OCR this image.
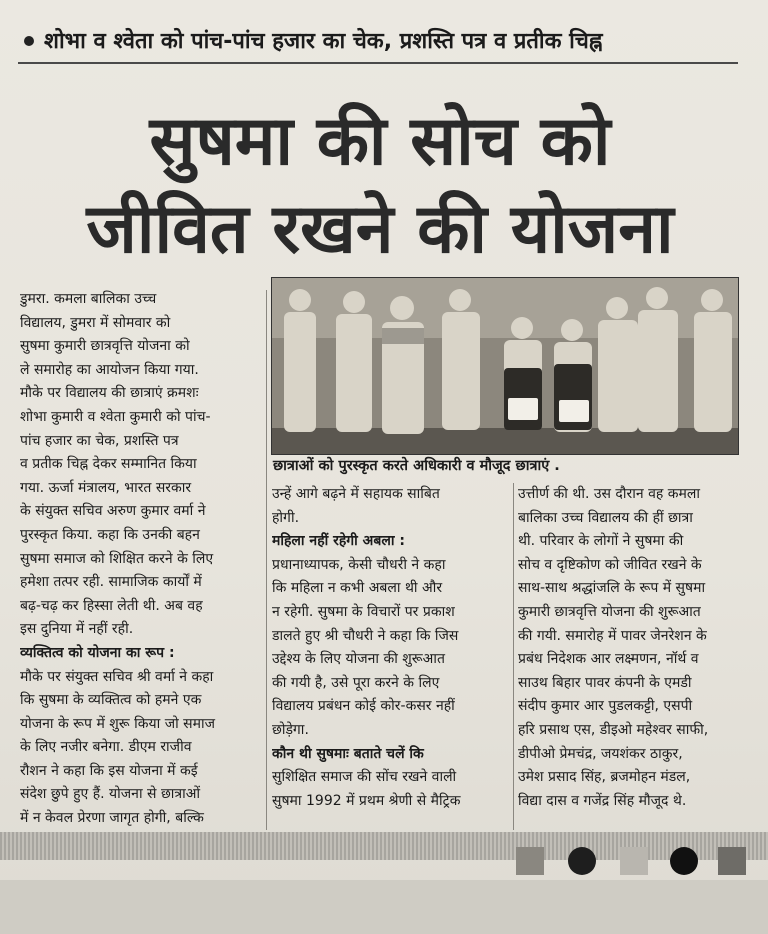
शोभा व श्वेता को पांच-पांच हजार का चेक, प्रशस्ति पत्र व प्रतीक चिह्न
सुषमा की सोच को
जीवित रखने की योजना
छात्राओं को पुरस्कृत करते अधिकारी व मौजूद छात्राएं .
डुमरा. कमला बालिका उच्च
विद्यालय, डुमरा में सोमवार को
सुषमा कुमारी छात्रवृत्ति योजना को
ले समारोह का आयोजन किया गया.
मौके पर विद्यालय की छात्राएं क्रमशः
शोभा कुमारी व श्वेता कुमारी को पांच-
पांच हजार का चेक, प्रशस्ति पत्र
व प्रतीक चिह्न देकर सम्मानित किया
गया. ऊर्जा मंत्रालय, भारत सरकार
के संयुक्त सचिव अरुण कुमार वर्मा ने
पुरस्कृत किया. कहा कि उनकी बहन
सुषमा समाज को शिक्षित करने के लिए
हमेशा तत्पर रही. सामाजिक कार्यों में
बढ़-चढ़ कर हिस्सा लेती थी. अब वह
इस दुनिया में नहीं रही.
व्यक्तित्व को योजना का रूप :
मौके पर संयुक्त सचिव श्री वर्मा ने कहा
कि सुषमा के व्यक्तित्व को हमने एक
योजना के रूप में शुरू किया जो समाज
के लिए नजीर बनेगा. डीएम राजीव
रौशन ने कहा कि इस योजना में कई
संदेश छुपे हुए हैं. योजना से छात्राओं
में न केवल प्रेरणा जागृत होगी, बल्कि
उन्हें आगे बढ़ने में सहायक साबित
होगी.
महिला नहीं रहेगी अबला :
प्रधानाध्यापक, केसी चौधरी ने कहा
कि महिला न कभी अबला थी और
न रहेगी. सुषमा के विचारों पर प्रकाश
डालते हुए श्री चौधरी ने कहा कि जिस
उद्देश्य के लिए योजना की शुरूआत
की गयी है, उसे पूरा करने के लिए
विद्यालय प्रबंधन कोई कोर-कसर नहीं
छोड़ेगा.
कौन थी सुषमाः बताते चलें कि
सुशिक्षित समाज की सोंच रखने वाली
सुषमा 1992 में प्रथम श्रेणी से मैट्रिक
उत्तीर्ण की थी. उस दौरान वह कमला
बालिका उच्च विद्यालय की हीं छात्रा
थी. परिवार के लोगों ने सुषमा की
सोच व दृष्टिकोण को जीवित रखने के
साथ-साथ श्रद्धांजलि के रूप में सुषमा
कुमारी छात्रवृत्ति योजना की शुरूआत
की गयी. समारोह में पावर जेनरेशन के
प्रबंध निदेशक आर लक्ष्मणन, नॉर्थ व
साउथ बिहार पावर कंपनी के एमडी
संदीप कुमार आर पुडलकट्टी, एसपी
हरि प्रसाथ एस, डीइओ महेश्वर साफी,
डीपीओ प्रेमचंद्र, जयशंकर ठाकुर,
उमेश प्रसाद सिंह, ब्रजमोहन मंडल,
विद्या दास व गजेंद्र सिंह मौजूद थे.
